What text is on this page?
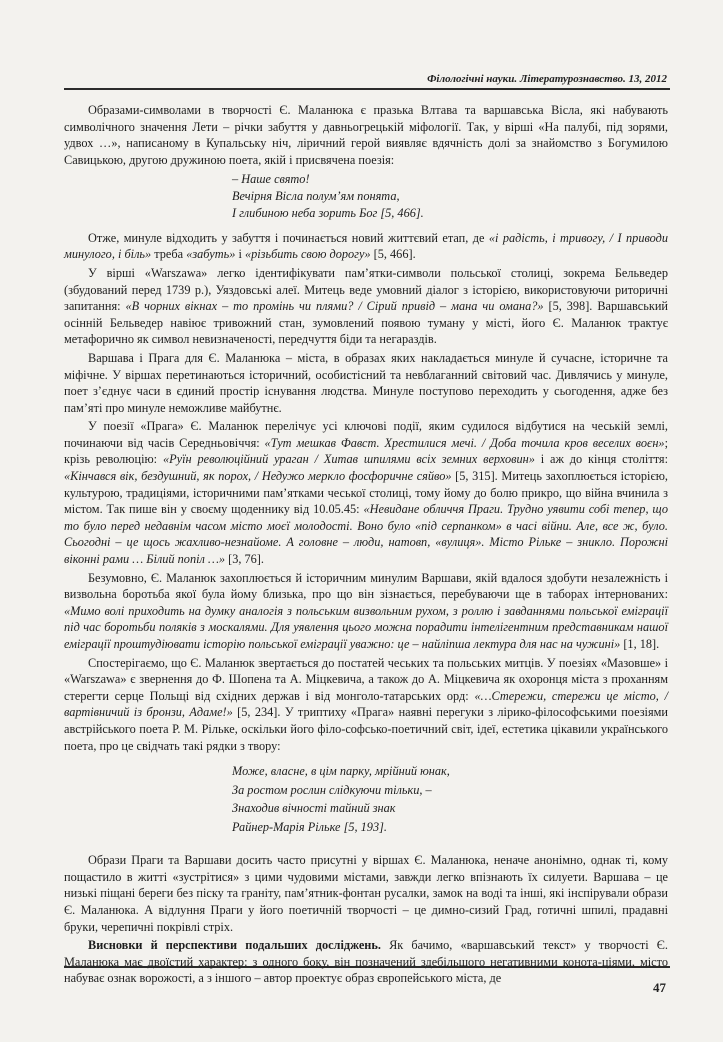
Філологічні науки. Літературознавство. 13, 2012

Образами-символами в творчості Є. Маланюка є празька Влтава та варшавська Вісла, які набувають символічного значення Лети – річки забуття у давньогрецькій міфології. Так, у вірші «На палубі, під зорями, удвох …», написаному в Купальську ніч, ліричний герой виявляє вдячність долі за знайомство з Богумилою Савицькою, другою дружиною поета, якій і присвячена поезія:

– Наше свято!
Вечірня Вісла полум’ям понята,
І глибиною неба зорить Бог [5, 466].

Отже, минуле відходить у забуття і починається новий життєвий етап, де «і радість, і тривогу, / І приводи минулого, і біль» треба «забуть» і «різьбить свою дорогу» [5, 466].

У вірші «Warszawa» легко ідентифікувати пам’ятки-символи польської столиці, зокрема Бельведер (збудований перед 1739 р.), Уяздовські алеї. Митець веде умовний діалог з історією, використовуючи риторичні запитання: «В чорних вікнах – то промінь чи плями? / Сірий привід – мана чи омана?» [5, 398]. Варшавський осінній Бельведер навіює тривожний стан, зумовлений появою туману у місті, його Є. Маланюк трактує метафорично як символ невизначеності, передчуття біди та негараздів.

Варшава і Прага для Є. Маланюка – міста, в образах яких накладається минуле й сучасне, історичне та міфічне. У віршах перетинаються історичний, особистісний та невблаганний світовий час. Дивлячись у минуле, поет з’єднує часи в єдиний простір існування людства. Минуле поступово переходить у сьогодення, адже без пам’яті про минуле неможливе майбутнє.

У поезії «Прага» Є. Маланюк перелічує усі ключові події, яким судилося відбутися на чеській землі, починаючи від часів Середньовіччя: «Тут мешкав Фавст. Хрестилися мечі. / Доба точила кров веселих воєн»; крізь революцію: «Руїн революційний ураган / Хитав шпилями всіх земних верховин» і аж до кінця століття: «Кінчався вік, бездушний, як порох, / Недужо меркло фосфоричне сяйво» [5, 315]. Митець захоплюється історією, культурою, традиціями, історичними пам’ятками чеської столиці, тому йому до болю прикро, що війна вчинила з містом. Так пише він у своєму щоденнику від 10.05.45: «Невидане обличчя Праги. Трудно уявити собі тепер, що то було перед недавнім часом місто моєї молодості. Воно було «під серпанком» в часі війни. Але, все ж, було. Сьогодні – це щось жахливо-незнайоме. А головне – люди, натовп, «вулиця». Місто Рільке – зникло. Порожні віконні рами … Білий попіл …» [3, 76].

Безумовно, Є. Маланюк захоплюється й історичним минулим Варшави, якій вдалося здобути незалежність і визвольна боротьба якої була йому близька, про що він зізнається, перебуваючи ще в таборах інтернованих: «Мимо волі приходить на думку аналогія з польським визвольним рухом, з роллю і завданнями польської еміграції під час боротьби поляків з москалями. Для уявлення цього можна порадити інтелігентним представникам нашої еміграції проштудіювати історію польської еміграції уважно: це – найліпша лектура для нас на чужині» [1, 18].

Спостерігаємо, що Є. Маланюк звертається до постатей чеських та польських митців. У поезіях «Мазовше» і «Warszawa» є звернення до Ф. Шопена та А. Міцкевича, а також до А. Міцкевича як охоронця міста з проханням стерегти серце Польщі від східних держав і від монголо-татарських орд: «…Стережи, стережи це місто, / вартівничий із бронзи, Адаме!» [5, 234]. У триптиху «Прага» наявні перегуки з лірико-філософськими поезіями австрійського поета Р. М. Рільке, оскільки його філо-софсько-поетичний світ, ідеї, естетика цікавили українського поета, про це свідчать такі рядки з твору:

Може, власне, в цім парку, мрійний юнак,
За ростом рослин слідкуючи тільки, –
Знаходив вічності тайний знак
Райнер-Марія Рільке [5, 193].

Образи Праги та Варшави досить часто присутні у віршах Є. Маланюка, неначе анонімно, однак ті, кому пощастило в житті «зустрітися» з цими чудовими містами, завжди легко впізнають їх силуети. Варшава – це низькі піщані береги без піску та граніту, пам’ятник-фонтан русалки, замок на воді та інші, які інспірували образи Є. Маланюка. А відлуння Праги у його поетичній творчості – це димно-сизий Град, готичні шпилі, прадавні бруки, черепичні покрівлі стріх.

Висновки й перспективи подальших досліджень. Як бачимо, «варшавський текст» у творчості Є. Маланюка має двоїстий характер: з одного боку, він позначений здебільшого негативними конота-ціями, місто набуває ознак ворожості, а з іншого – автор проектує образ європейського міста, де

47
